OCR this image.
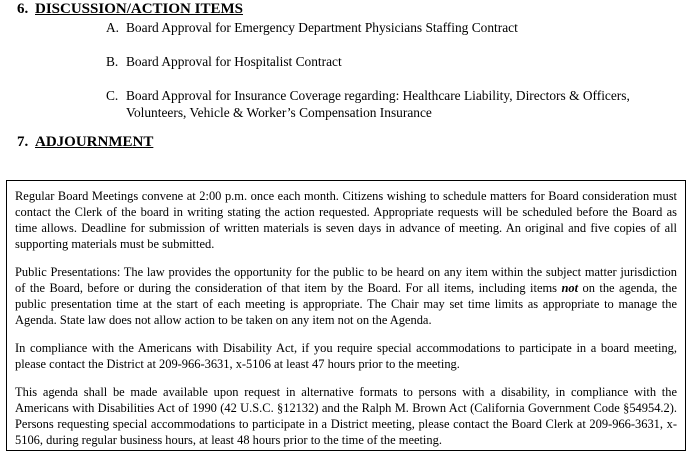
6. DISCUSSION/ACTION ITEMS
A. Board Approval for Emergency Department Physicians Staffing Contract
B. Board Approval for Hospitalist Contract
C. Board Approval for Insurance Coverage regarding: Healthcare Liability, Directors & Officers,
Volunteers, Vehicle & Worker’s Compensation Insurance
7. ADJOURNMENT

Regular Board Meetings convene at 2:00 p.m. once each month. Citizens wishing to schedule matters for Board consideration must contact the Clerk of the board in writing stating the action requested. Appropriate requests will be scheduled before the Board as time allows. Deadline for submission of written materials is seven days in advance of meeting. An original and five copies of all supporting materials must be submitted.

Public Presentations: The law provides the opportunity for the public to be heard on any item within the subject matter jurisdiction of the Board, before or during the consideration of that item by the Board. For all items, including items not on the agenda, the public presentation time at the start of each meeting is appropriate. The Chair may set time limits as appropriate to manage the Agenda. State law does not allow action to be taken on any item not on the Agenda.

In compliance with the Americans with Disability Act, if you require special accommodations to participate in a board meeting, please contact the District at 209-966-3631, x-5106 at least 47 hours prior to the meeting.

This agenda shall be made available upon request in alternative formats to persons with a disability, in compliance with the Americans with Disabilities Act of 1990 (42 U.S.C. §12132) and the Ralph M. Brown Act (California Government Code §54954.2). Persons requesting special accommodations to participate in a District meeting, please contact the Board Clerk at 209-966-3631, x-5106, during regular business hours, at least 48 hours prior to the time of the meeting.
